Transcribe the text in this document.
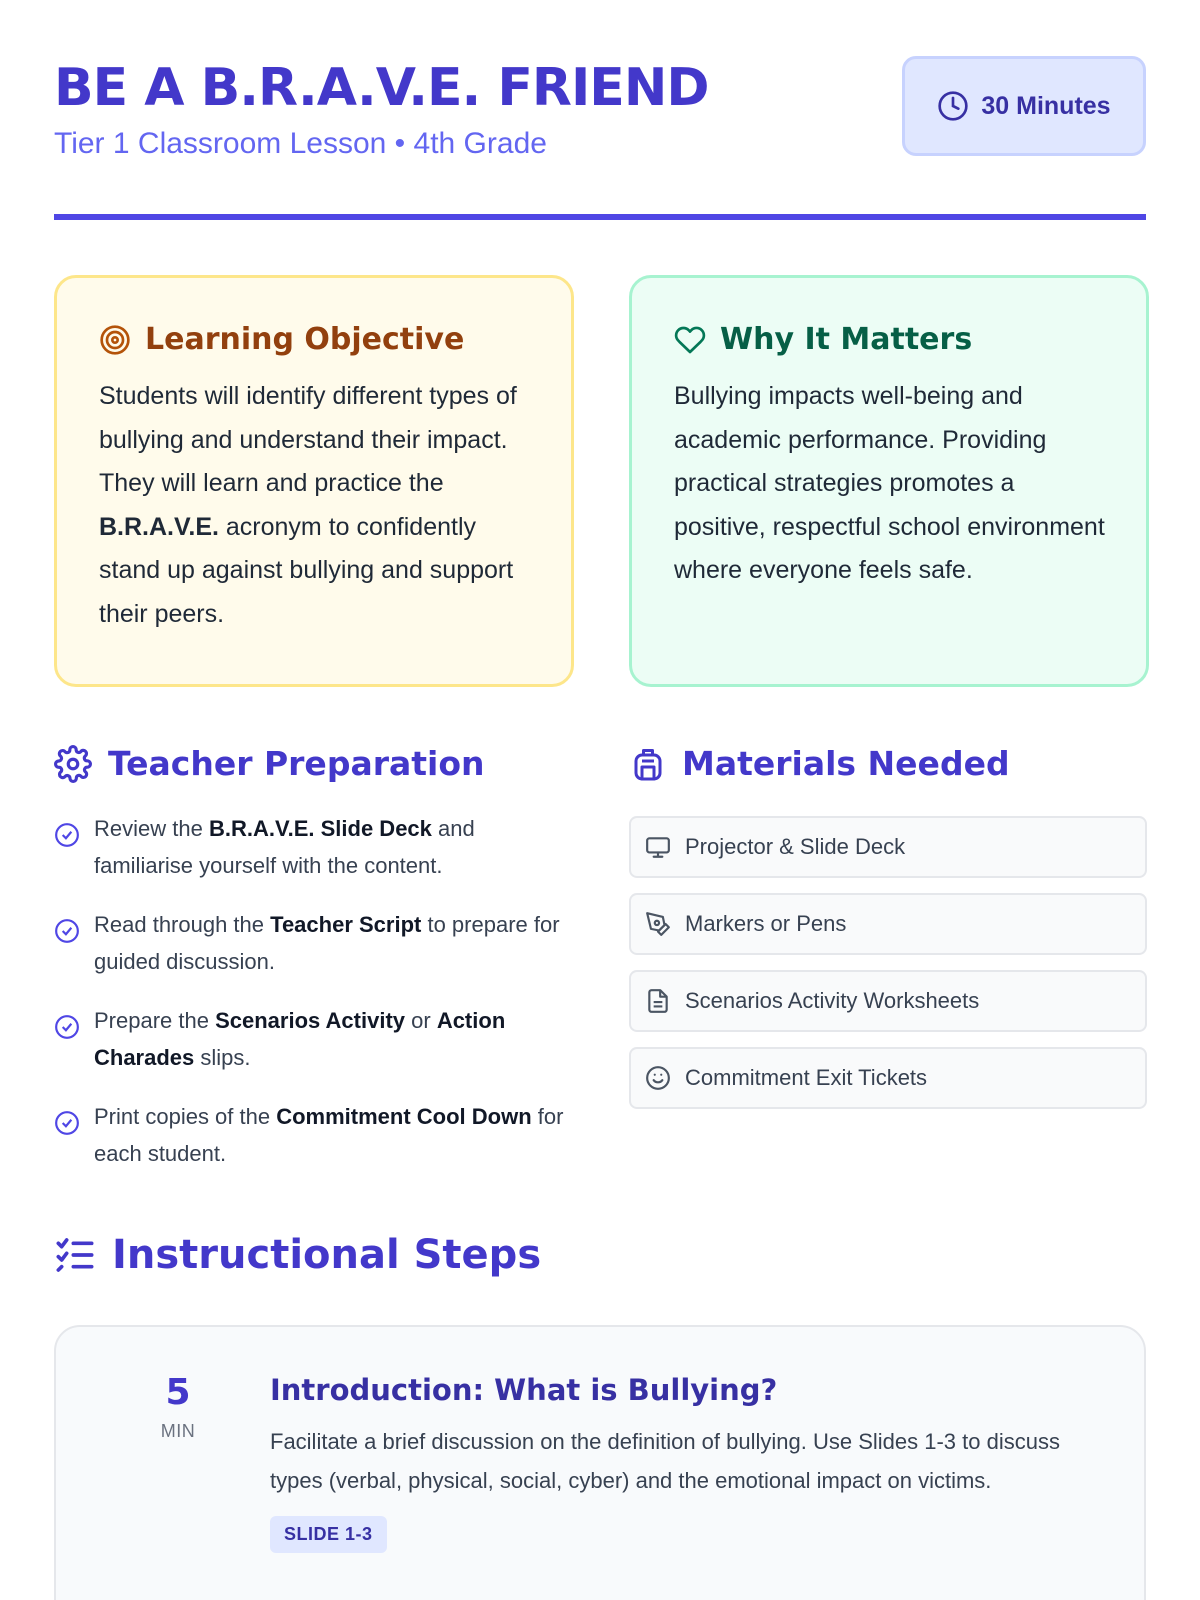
BE A B.R.A.V.E. FRIEND
Tier 1 Classroom Lesson • 4th Grade
30 Minutes
Learning Objective

Students will identify different types of bullying and understand their impact. They will learn and practice the B.R.A.V.E. acronym to confidently stand up against bullying and support their peers.

Why It Matters

Bullying impacts well-being and academic performance. Providing practical strategies promotes a positive, respectful school environment where everyone feels safe.

Teacher Preparation
Review the B.R.A.V.E. Slide Deck and familiarise yourself with the content.
Read through the Teacher Script to prepare for guided discussion.
Prepare the Scenarios Activity or Action Charades slips.
Print copies of the Commitment Cool Down for each student.
Materials Needed
Projector & Slide Deck
Markers or Pens
Scenarios Activity Worksheets
Commitment Exit Tickets
Instructional Steps
5
MIN
Introduction: What is Bullying?
Facilitate a brief discussion on the definition of bullying. Use Slides 1-3 to discuss types (verbal, physical, social, cyber) and the emotional impact on victims.
SLIDE 1-3
